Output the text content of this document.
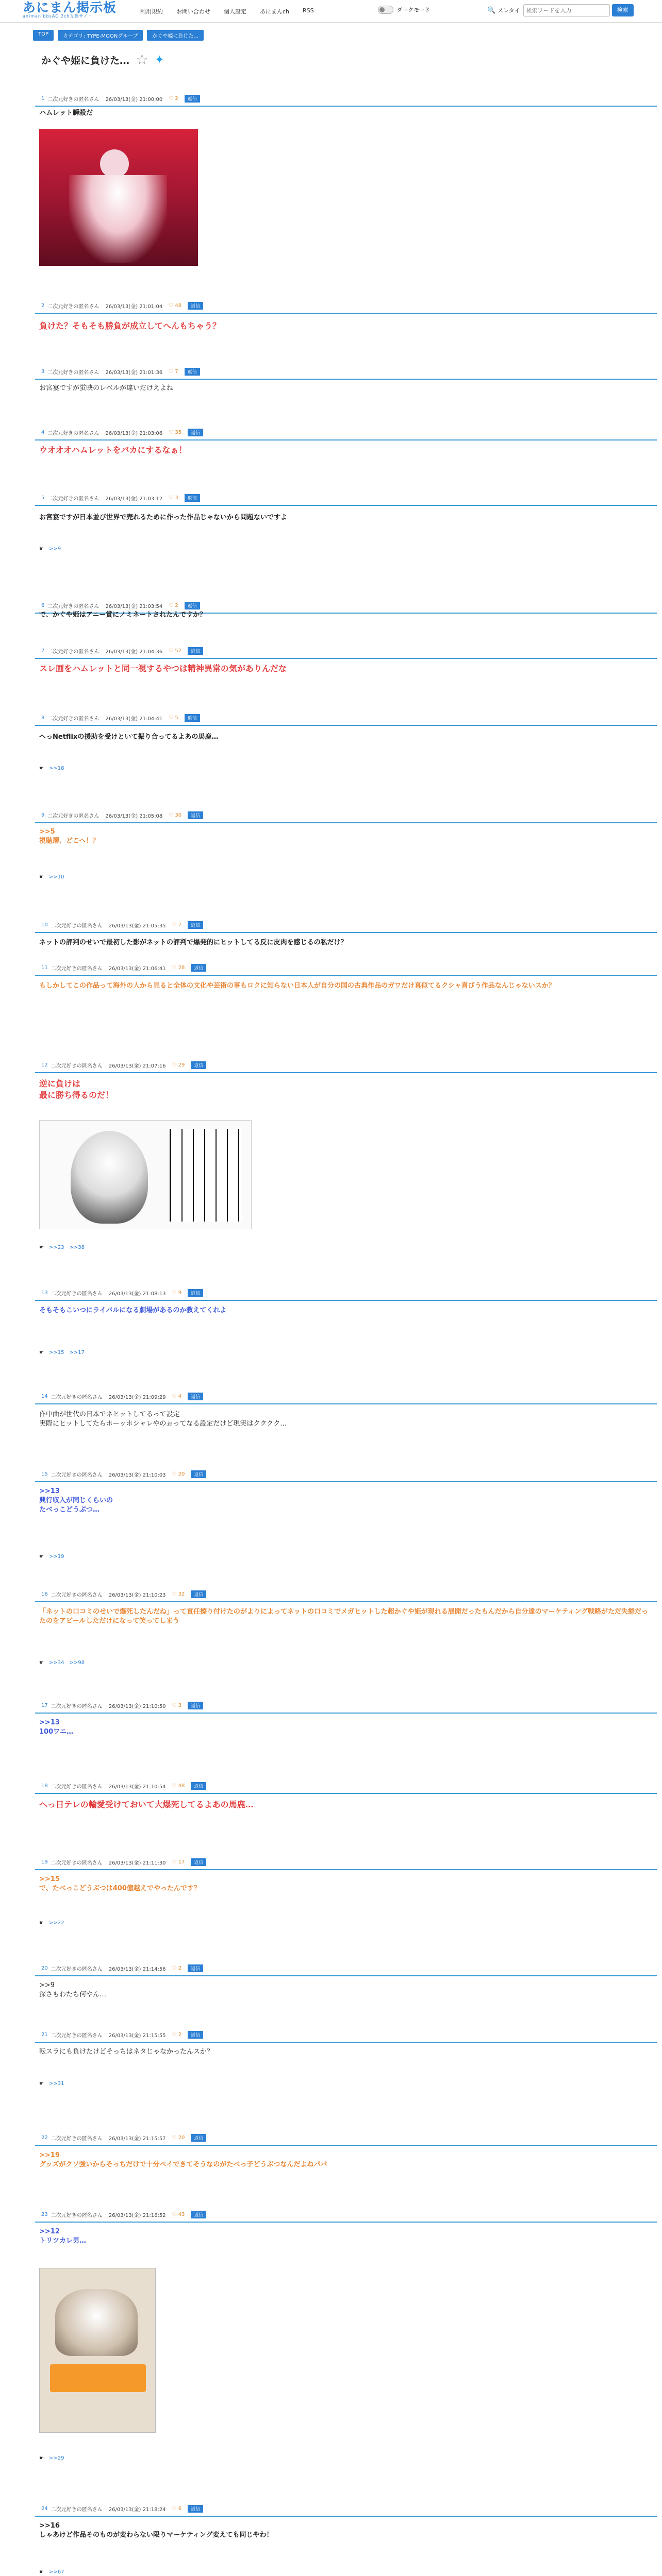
あにまん掲示板
animan bbsAO 2ch互換サイト
利用規約 お問い合わせ 個人設定 あにまんch RSS	ダークモード	🔍 スレタイ
検索ワードを入力	検索
TOP	カテゴリ: TYPE-MOONグループ	かぐや姫に負けた…
かぐや姫に負けた… ☆ ✦
1 二次元好きの匿名さん 26/03/13(金) 21:00:00 ♡ 2	返信
ハムレット瞬殺だ
2 二次元好きの匿名さん 26/03/13(金) 21:01:04 ♡ 48	返信
負けた？そもそも勝負が成立してへんもちゃう？
3 二次元好きの匿名さん 26/03/13(金) 21:01:36 ♡ 7	返信
お宮宴ですが蛍映のレベルが違いだけえよね
4 二次元好きの匿名さん 26/03/13(金) 21:03:06 ♡ 35	返信
ウオオオハムレットをバカにするなぁ！
5 二次元好きの匿名さん 26/03/13(金) 21:03:12 ♡ 3	返信
お宮宴ですが日本並び世界で売れるために作った作品じゃないから問題ないですよ
☛ >>9
6 二次元好きの匿名さん 26/03/13(金) 21:03:54 ♡ 2	返信
で、かぐや姫はアニー賞にノミネートされたんですか？
7 二次元好きの匿名さん 26/03/13(金) 21:04:36 ♡ 57	返信
スレ画をハムレットと同一視するやつは精神異常の気がありんだな
8 二次元好きの匿名さん 26/03/13(金) 21:04:41 ♡ 5	返信
ヘっNetflixの援助を受けといて振り合ってるよあの馬鹿…
☛ >>18
9 二次元好きの匿名さん 26/03/13(金) 21:05:08 ♡ 30	返信
>>5
視聴層、どこへ！？
☛ >>10
10 二次元好きの匿名さん 26/03/13(金) 21:05:35 ♡ 7	返信
ネットの評判のせいで最初した影がネットの評判で爆発的にヒットしてる反に皮肉を感じるの私だけ？
11 二次元好きの匿名さん 26/03/13(金) 21:06:41 ♡ 28	返信
もしかしてこの作品って海外の人から見ると全体の文化や芸術の事もロクに知らない日本人が自分の国の古典作品のガワだけ真似てるクシャ喜びう作品なんじゃないスか？
12 二次元好きの匿名さん 26/03/13(金) 21:07:16 ♡ 29	返信
逆に負けは
最に勝ち得るのだ！
☛ >>23 >>38
13 二次元好きの匿名さん 26/03/13(金) 21:08:13 ♡ 9	返信
そもそもこいつにライバルになる劇場があるのか教えてくれよ
☛ >>15 >>17
14 二次元好きの匿名さん 26/03/13(金) 21:09:29 ♡ 4	返信
作中曲が世代の日本でネヒットしてるって設定
実際にヒットしてたらホーッホシャレやのぉってなる設定だけど現実はクククク…
15 二次元好きの匿名さん 26/03/13(金) 21:10:03 ♡ 20	返信
>>13
興行収入が同じくらいの
たべっこどうぶつ…
☛ >>19
16 二次元好きの匿名さん 26/03/13(金) 21:10:23 ♡ 32	返信
「ネットの口コミのせいで爆死したんだね」って貢任擦り付けたのがよりによってネットの口コミでメガヒットした超かぐや姫が現れる展開だったもんだから自分達のマーケティング戦略がただ失態だったのをアピールしただけになって笑ってしまう
☛ >>34 >>98
17 二次元好きの匿名さん 26/03/13(金) 21:10:50 ♡ 3	返信
>>13
100ワニ…
18 二次元好きの匿名さん 26/03/13(金) 21:10:54 ♡ 48	返信
ヘっ日テレの輸愛受けておいて大爆死してるよあの馬鹿…
19 二次元好きの匿名さん 26/03/13(金) 21:11:30 ♡ 17	返信
>>15
で、たべっこどうぶつは400億越えでやったんです？
☛ >>22
20 二次元好きの匿名さん 26/03/13(金) 21:14:56 ♡ 2	返信
>>9
深さもわたち何やん…
21 二次元好きの匿名さん 26/03/13(金) 21:15:55 ♡ 2	返信
転スラにも負けたけどそっちはネタじゃなかったんスか？
☛ >>31
22 二次元好きの匿名さん 26/03/13(金) 21:15:57 ♡ 20	返信
>>19
グッズがクソ強いからそっちだけで十分ペイできてそうなのがたべっ子どうぶつなんだよねパパ
23 二次元好きの匿名さん 26/03/13(金) 21:16:52 ♡ 43	返信
>>12
トリツカレ男…
☛ >>29
24 二次元好きの匿名さん 26/03/13(金) 21:18:24 ♡ 6	返信
>>16
しゃあけど作品そのものが変わらない限りマーケティング変えても同じやわ！
☛ >>67
